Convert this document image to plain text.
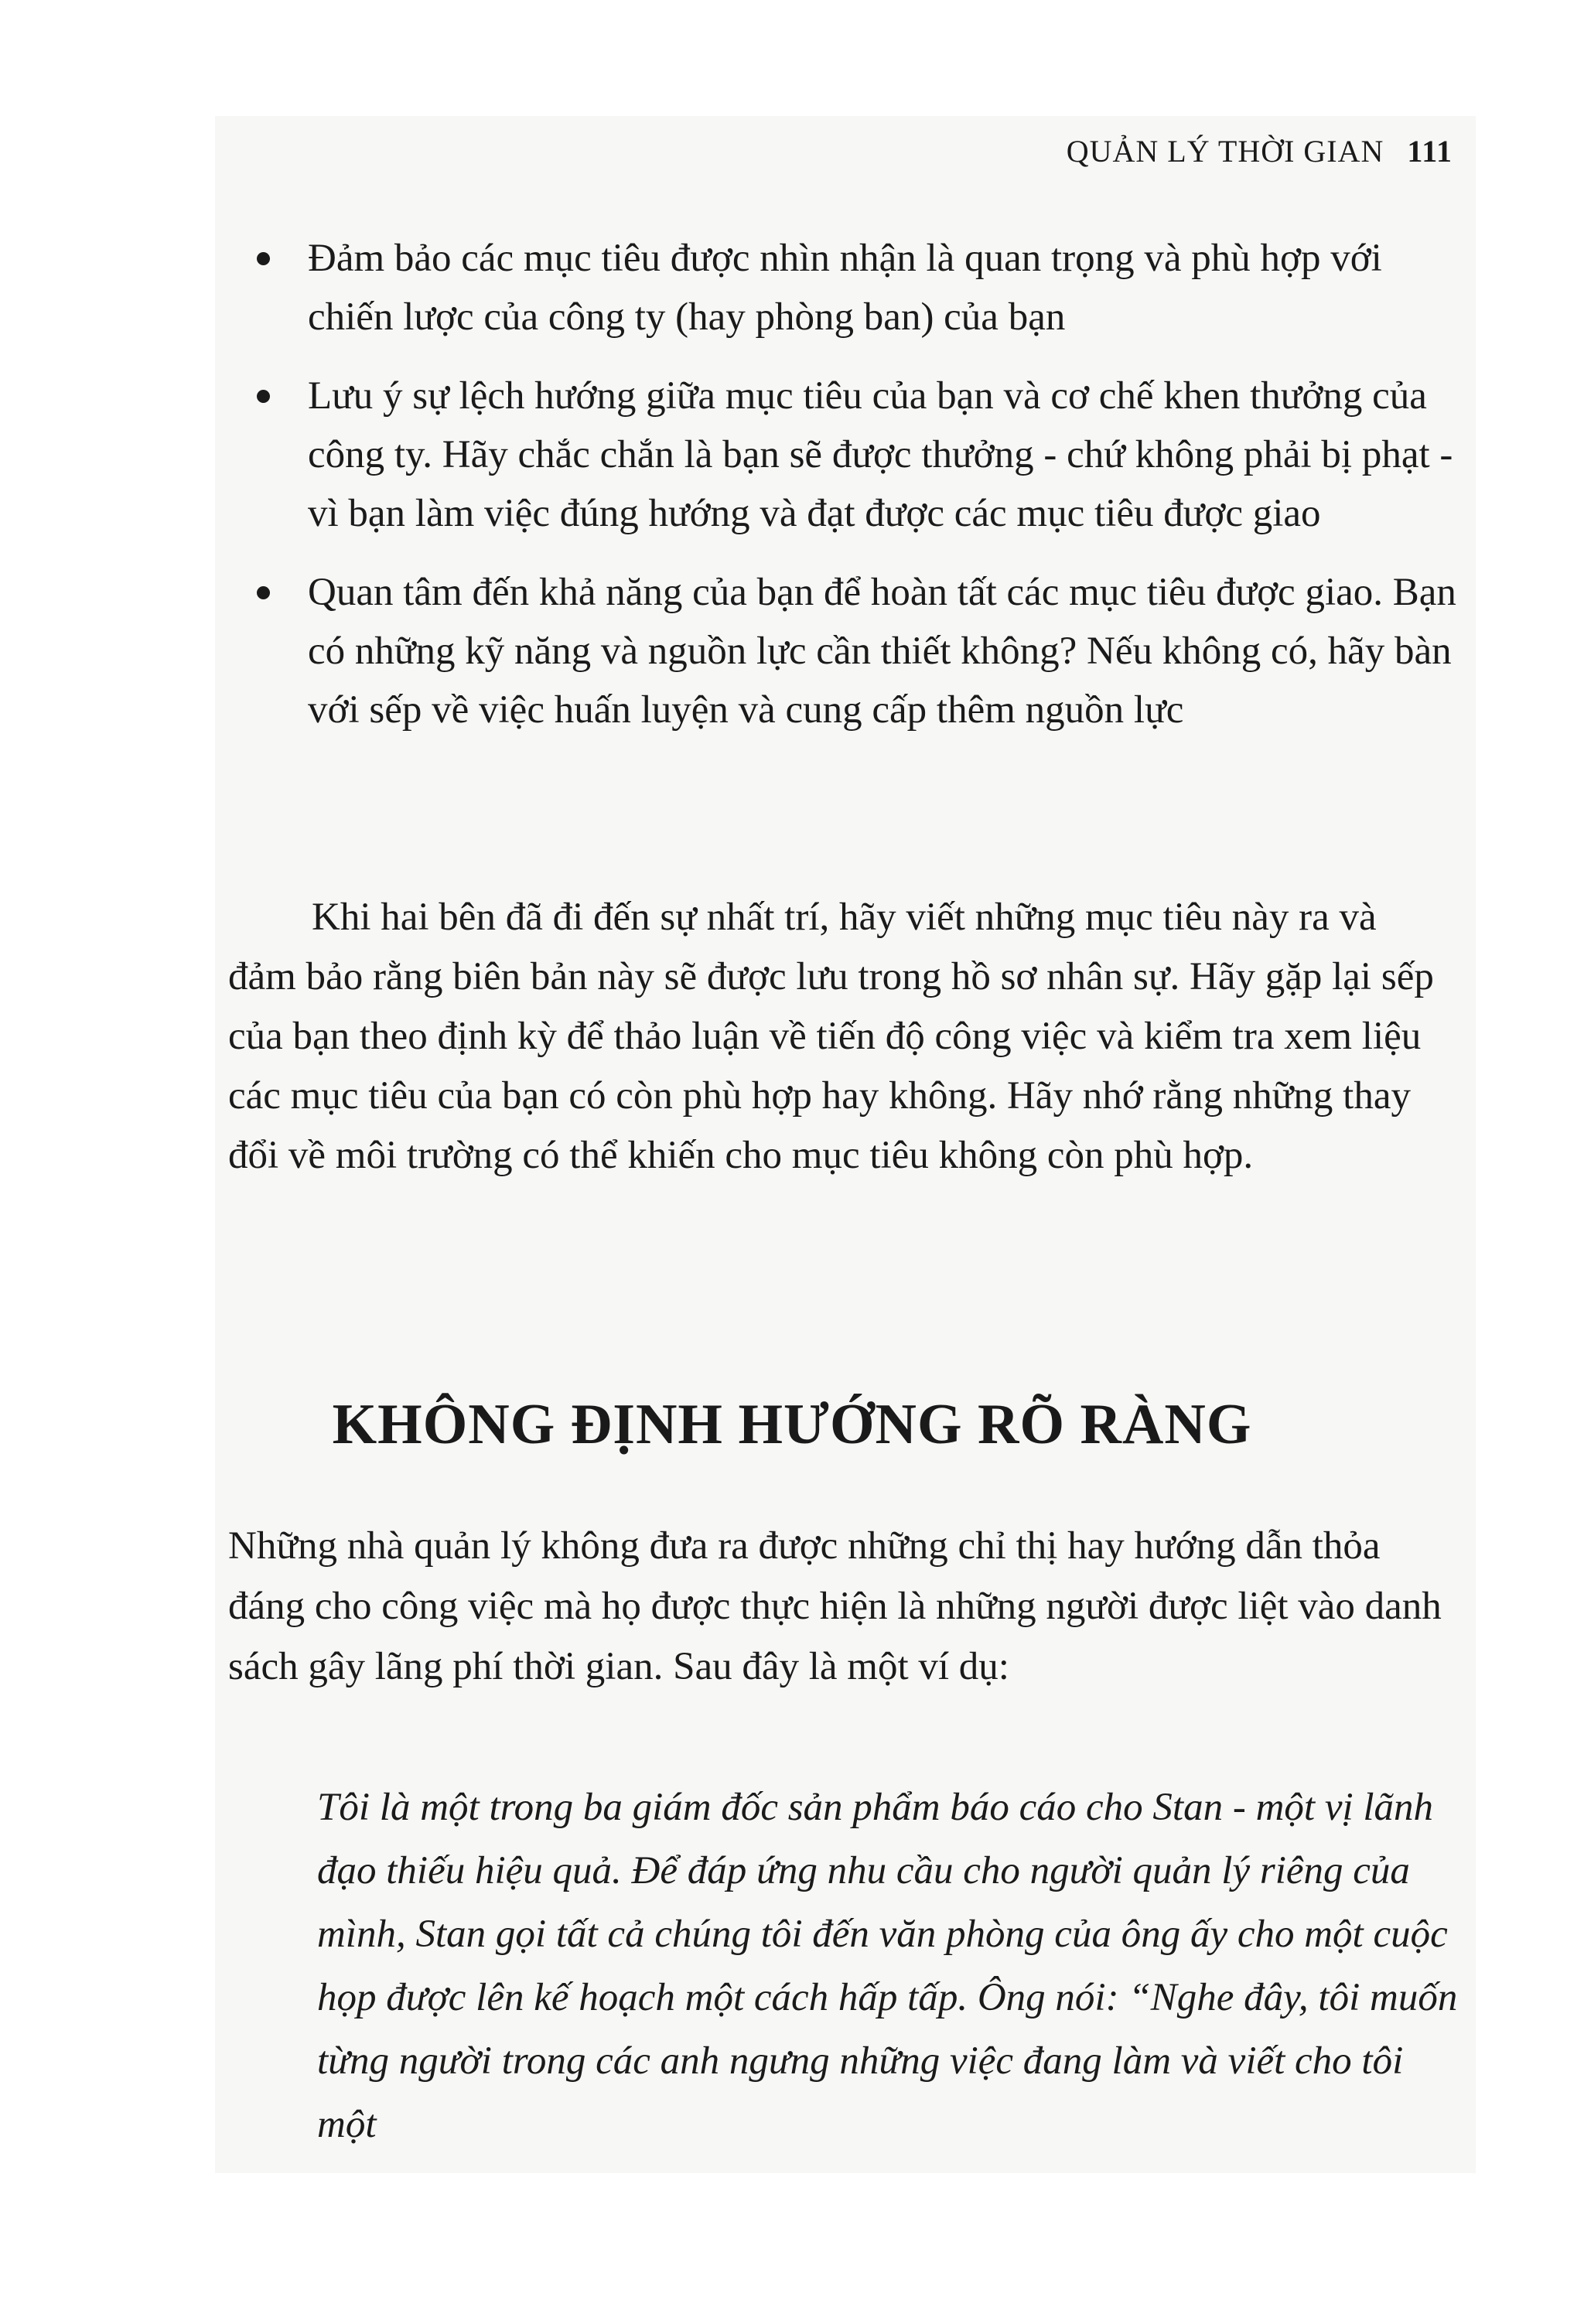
QUẢN LÝ THỜI GIAN 111
Đảm bảo các mục tiêu được nhìn nhận là quan trọng và phù hợp với chiến lược của công ty (hay phòng ban) của bạn
Lưu ý sự lệch hướng giữa mục tiêu của bạn và cơ chế khen thưởng của công ty. Hãy chắc chắn là bạn sẽ được thưởng - chứ không phải bị phạt - vì bạn làm việc đúng hướng và đạt được các mục tiêu được giao
Quan tâm đến khả năng của bạn để hoàn tất các mục tiêu được giao. Bạn có những kỹ năng và nguồn lực cần thiết không? Nếu không có, hãy bàn với sếp về việc huấn luyện và cung cấp thêm nguồn lực

Khi hai bên đã đi đến sự nhất trí, hãy viết những mục tiêu này ra và đảm bảo rằng biên bản này sẽ được lưu trong hồ sơ nhân sự. Hãy gặp lại sếp của bạn theo định kỳ để thảo luận về tiến độ công việc và kiểm tra xem liệu các mục tiêu của bạn có còn phù hợp hay không. Hãy nhớ rằng những thay đổi về môi trường có thể khiến cho mục tiêu không còn phù hợp.

KHÔNG ĐỊNH HƯỚNG RÕ RÀNG

Những nhà quản lý không đưa ra được những chỉ thị hay hướng dẫn thỏa đáng cho công việc mà họ được thực hiện là những người được liệt vào danh sách gây lãng phí thời gian. Sau đây là một ví dụ:

Tôi là một trong ba giám đốc sản phẩm báo cáo cho Stan - một vị lãnh đạo thiếu hiệu quả. Để đáp ứng nhu cầu cho người quản lý riêng của mình, Stan gọi tất cả chúng tôi đến văn phòng của ông ấy cho một cuộc họp được lên kế hoạch một cách hấp tấp. Ông nói: “Nghe đây, tôi muốn từng người trong các anh ngưng những việc đang làm và viết cho tôi một
